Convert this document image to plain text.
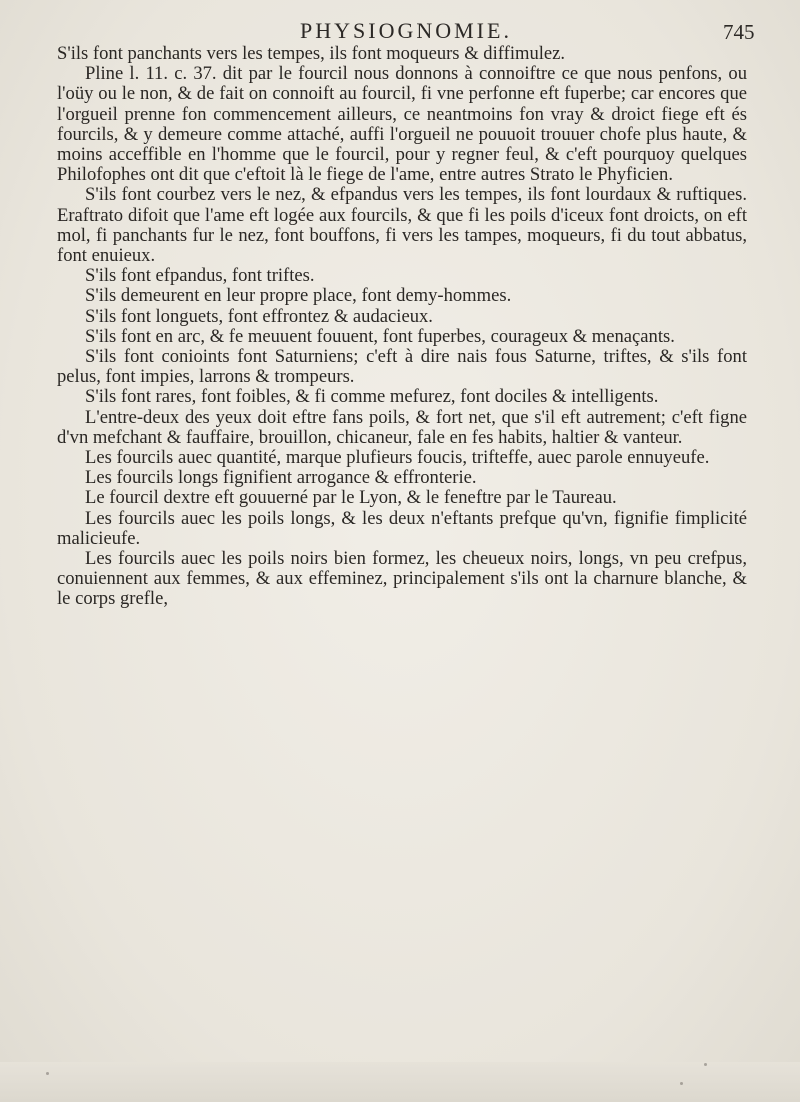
PHYSIOGNOMIE.	745

S'ils font panchants vers les tempes, ils font moqueurs & diffimulez.

Pline l. 11. c. 37. dit par le fourcil nous donnons à connoiftre ce que nous penfons, ou l'oüy ou le non, & de fait on connoift au fourcil, fi vne perfonne eft fuperbe; car encores que l'orgueil prenne fon commencement ailleurs, ce neantmoins fon vray & droict fiege eft és fourcils, & y demeure comme attaché, auffi l'orgueil ne pouuoit trouuer chofe plus haute, & moins acceffible en l'homme que le fourcil, pour y regner feul, & c'eft pourquoy quelques Philofophes ont dit que c'eftoit là le fiege de l'ame, entre autres Strato le Phyficien.

S'ils font courbez vers le nez, & efpandus vers les tempes, ils font lourdaux & ruftiques. Eraftrato difoit que l'ame eft logée aux fourcils, & que fi les poils d'iceux font droicts, on eft mol, fi panchants fur le nez, font bouffons, fi vers les tampes, moqueurs, fi du tout abbatus, font enuieux.

S'ils font efpandus, font triftes.

S'ils demeurent en leur propre place, font demy-hommes.

S'ils font longuets, font effrontez & audacieux.

S'ils font en arc, & fe meuuent fouuent, font fuperbes, courageux & menaçants.

S'ils font conioints font Saturniens; c'eft à dire nais fous Saturne, triftes, & s'ils font pelus, font impies, larrons & trompeurs.

S'ils font rares, font foibles, & fi comme mefurez, font dociles & intelligents.

L'entre-deux des yeux doit eftre fans poils, & fort net, que s'il eft autrement; c'eft figne d'vn mefchant & fauffaire, brouillon, chicaneur, fale en fes habits, haltier & vanteur.

Les fourcils auec quantité, marque plufieurs foucis, trifteffe, auec parole ennuyeufe.

Les fourcils longs fignifient arrogance & effronterie.

Le fourcil dextre eft gouuerné par le Lyon, & le feneftre par le Taureau.

Les fourcils auec les poils longs, & les deux n'eftants prefque qu'vn, fignifie fimplicité malicieufe.

Les fourcils auec les poils noirs bien formez, les cheueux noirs, longs, vn peu crefpus, conuiennent aux femmes, & aux effeminez, principalement s'ils ont la charnure blanche, & le corps grefle,
